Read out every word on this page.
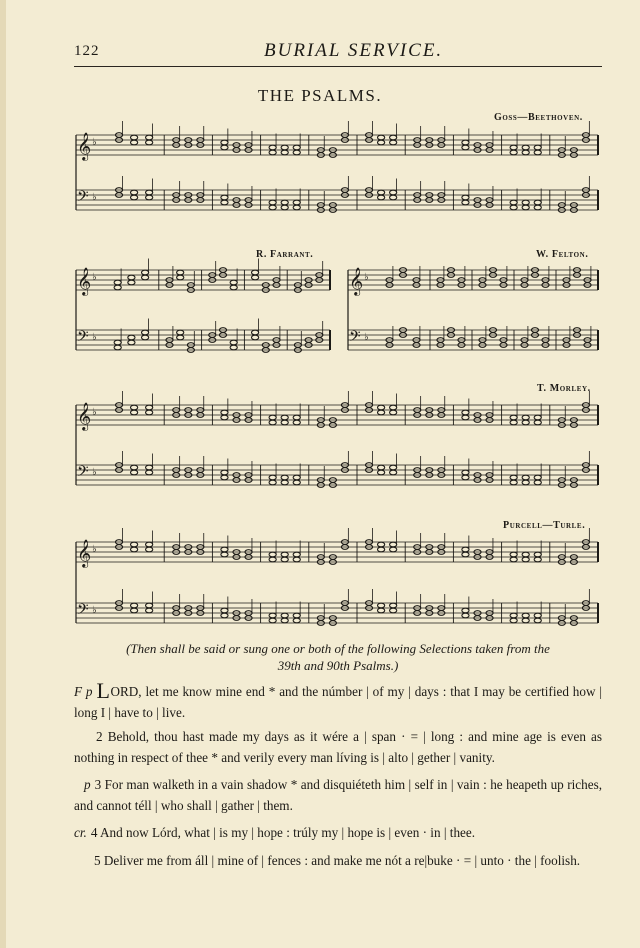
122	BURIAL SERVICE.
THE PSALMS.
Goss—Beethoven.
R. Farrant.	W. Felton.
T. Morley.
Purcell—Turle.
𝄞 ♭
𝄢 ♭
𝄞 ♭
𝄢 ♭
𝄞 ♭
𝄢 ♭
𝄞 ♭
𝄢 ♭
𝄞 ♭
𝄢 ♭
(Then shall be said or sung one or both of the following Selections taken from the
39th and 90th Psalms.)
F p LORD, let me know mine end * and the númber | of my | days : that I may be certified how | long I | have to | live.
2 Behold, thou hast made my days as it wére a | span · = | long : and mine age is even as nothing in respect of thee * and verily every man líving is | alto | gether | vanity.
p 3 For man walketh in a vain shadow * and disquiéteth him | self in | vain : he heapeth up riches, and cannot téll | who shall | gather | them.
cr. 4 And now Lórd, what | is my | hope : trúly my | hope is | even · in | thee.
5 Deliver me from áll | mine of | fences : and make me nót a re|buke · = | unto · the | foolish.
